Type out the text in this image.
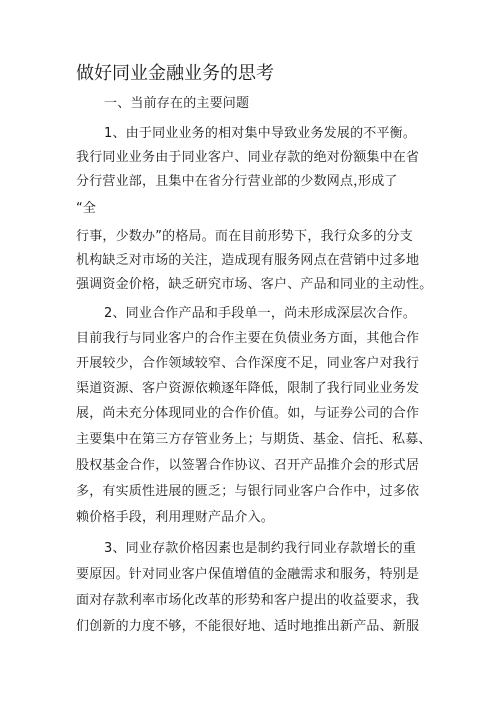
做好同业金融业务的思考
一、当前存在的主要问题
1、由于同业业务的相对集中导致业务发展的不平衡。
我行同业业务由于同业客户、同业存款的绝对份额集中在省
分行营业部，且集中在省分行营业部的少数网点，
形成了
“全
行事，少数办”的格局。而在目前形势下，我行众多的分支
机构缺乏对市场的关注，造成现有服务网点在营销中过多地
强调资金价格，缺乏研究市场、客户、产品和同业的主动性。
2、同业合作产品和手段单一，尚未形成深层次合作。
目前我行与同业客户的合作主要在负债业务方面，其他合作
开展较少，合作领域较窄、合作深度不足，同业客户对我行
渠道资源、客户资源依赖逐年降低，限制了我行同业业务发
展，尚未充分体现同业的合作价值。如，与证券公司的合作
主要集中在第三方存管业务上； 与期货、基金、信托、私募、
股权基金合作，以签署合作协议、召开产品推介会的形式居
多，有实质性进展的匮乏；与银行同业客户合作中，过多依
赖价格手段，利用理财产品介入。
3、同业存款价格因素也是制约我行同业存款增长的重
要原因。针对同业客户保值增值的金融需求和服务，特别是
面对存款利率市场化改革的形势和客户提出的收益要求，我
们创新的力度不够，不能很好地、适时地推出新产品、新服
